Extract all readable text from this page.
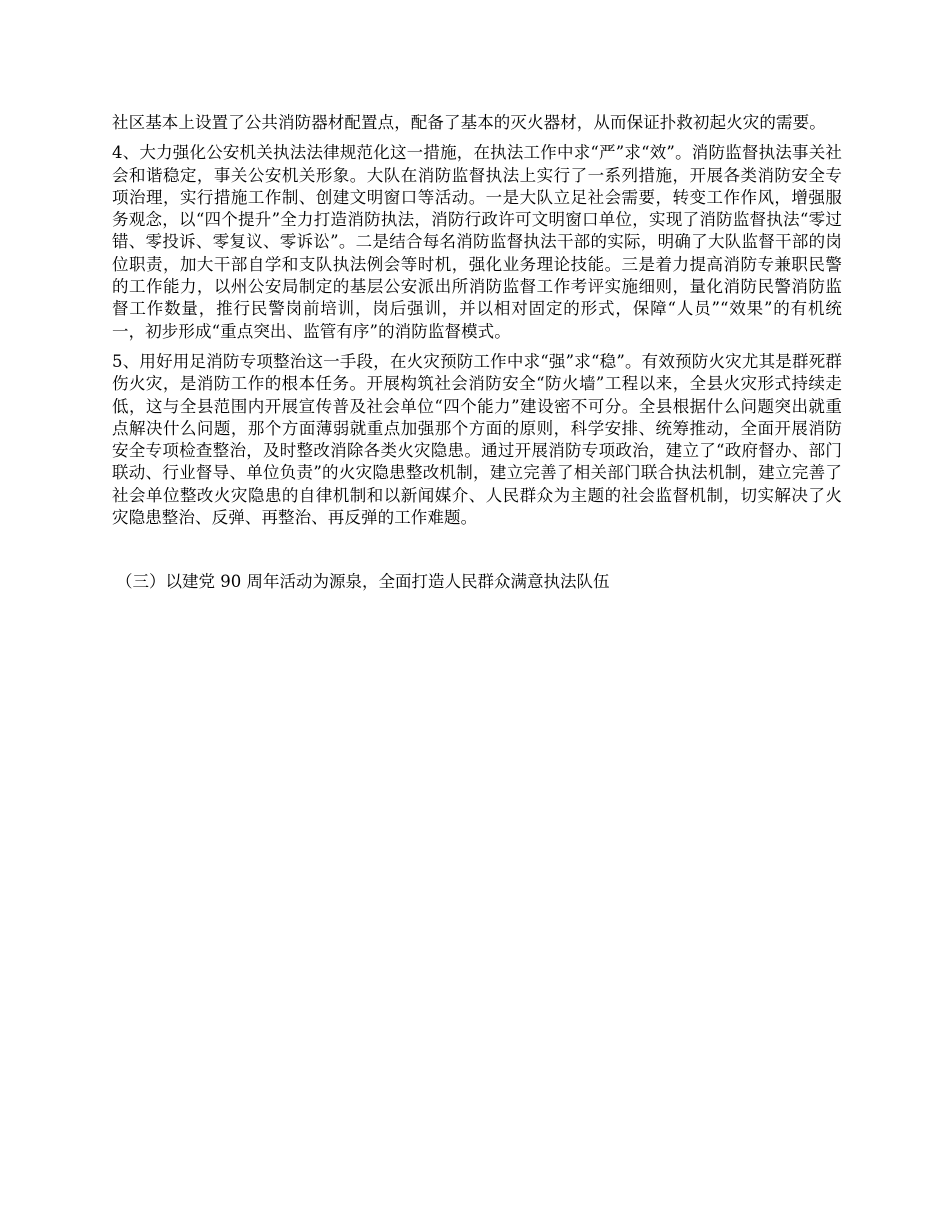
社区基本上设置了公共消防器材配置点，配备了基本的灭火器材，从而保证扑救初起火灾的需要。

4、大力强化公安机关执法法律规范化这一措施，在执法工作中求“严”求“效”。消防监督执法事关社会和谐稳定，事关公安机关形象。大队在消防监督执法上实行了一系列措施，开展各类消防安全专项治理，实行措施工作制、创建文明窗口等活动。一是大队立足社会需要，转变工作作风，增强服务观念，以“四个提升”全力打造消防执法，消防行政许可文明窗口单位，实现了消防监督执法“零过错、零投诉、零复议、零诉讼”。二是结合每名消防监督执法干部的实际，明确了大队监督干部的岗位职责，加大干部自学和支队执法例会等时机，强化业务理论技能。三是着力提高消防专兼职民警的工作能力，以州公安局制定的基层公安派出所消防监督工作考评实施细则，量化消防民警消防监督工作数量，推行民警岗前培训，岗后强训，并以相对固定的形式，保障“人员”“效果”的有机统一，初步形成“重点突出、监管有序”的消防监督模式。

5、用好用足消防专项整治这一手段，在火灾预防工作中求“强”求“稳”。有效预防火灾尤其是群死群伤火灾，是消防工作的根本任务。开展构筑社会消防安全“防火墙”工程以来，全县火灾形式持续走低，这与全县范围内开展宣传普及社会单位“四个能力”建设密不可分。全县根据什么问题突出就重点解决什么问题，那个方面薄弱就重点加强那个方面的原则，科学安排、统筹推动，全面开展消防安全专项检查整治，及时整改消除各类火灾隐患。通过开展消防专项政治，建立了“政府督办、部门联动、行业督导、单位负责”的火灾隐患整改机制，建立完善了相关部门联合执法机制，建立完善了社会单位整改火灾隐患的自律机制和以新闻媒介、人民群众为主题的社会监督机制，切实解决了火灾隐患整治、反弹、再整治、再反弹的工作难题。

（三）以建党 90 周年活动为源泉，全面打造人民群众满意执法队伍
